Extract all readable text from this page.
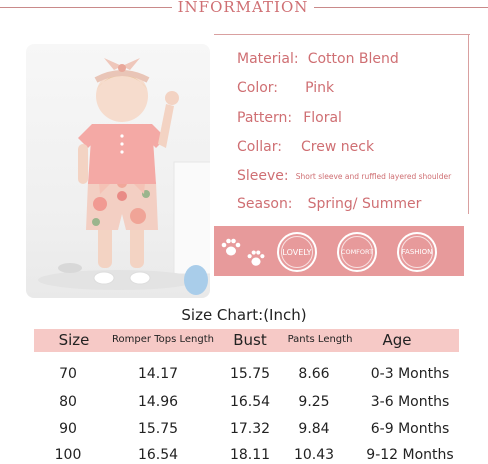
INFORMATION
Material: Cotton Blend
Color: Pink
Pattern: Floral
Collar: Crew neck
Sleeve: Short sleeve and ruffled layered shoulder
Season: Spring/ Summer
LOVELY	COMFORT	FASHION
Size Chart:(Inch)
Size	Romper Tops Length	Bust	Pants Length	Age
70	14.17	15.75	8.66	0-3 Months
80	14.96	16.54	9.25	3-6 Months
90	15.75	17.32	9.84	6-9 Months
100	16.54	18.11	10.43	9-12 Months
